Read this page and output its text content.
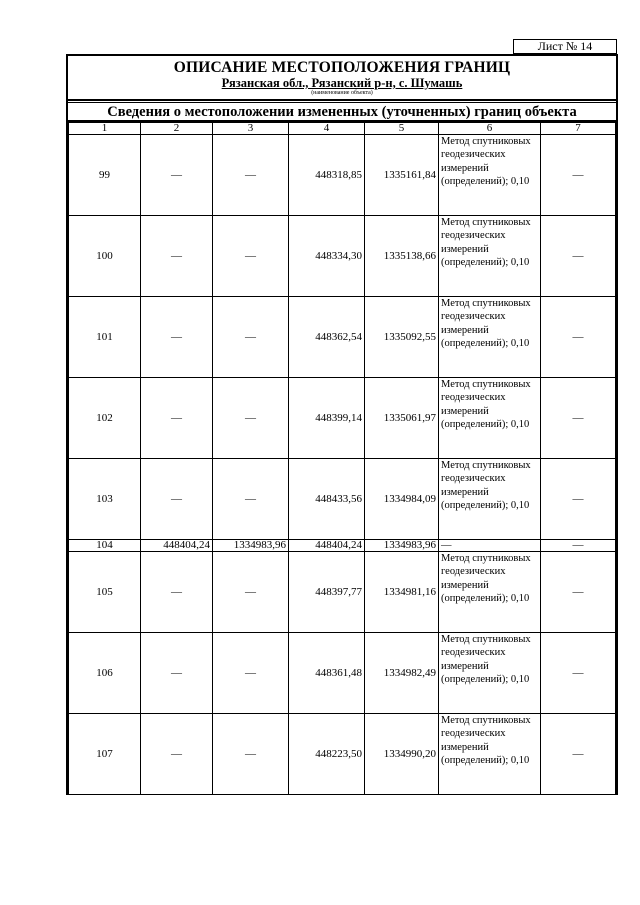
Лист № 14
ОПИСАНИЕ МЕСТОПОЛОЖЕНИЯ ГРАНИЦ
Рязанская обл., Рязанский р-н, с. Шумашь
(наименование объекта)
Сведения о местоположении измененных (уточненных) границ объекта
1	2	3	4	5	6	7
99	—	—	448318,85	1335161,84	Метод спутниковых геодезических измерений (определений); 0,10	—
100	—	—	448334,30	1335138,66	Метод спутниковых геодезических измерений (определений); 0,10	—
101	—	—	448362,54	1335092,55	Метод спутниковых геодезических измерений (определений); 0,10	—
102	—	—	448399,14	1335061,97	Метод спутниковых геодезических измерений (определений); 0,10	—
103	—	—	448433,56	1334984,09	Метод спутниковых геодезических измерений (определений); 0,10	—
104	448404,24	1334983,96	448404,24	1334983,96	—	—
105	—	—	448397,77	1334981,16	Метод спутниковых геодезических измерений (определений); 0,10	—
106	—	—	448361,48	1334982,49	Метод спутниковых геодезических измерений (определений); 0,10	—
107	—	—	448223,50	1334990,20	Метод спутниковых геодезических измерений (определений); 0,10	—
